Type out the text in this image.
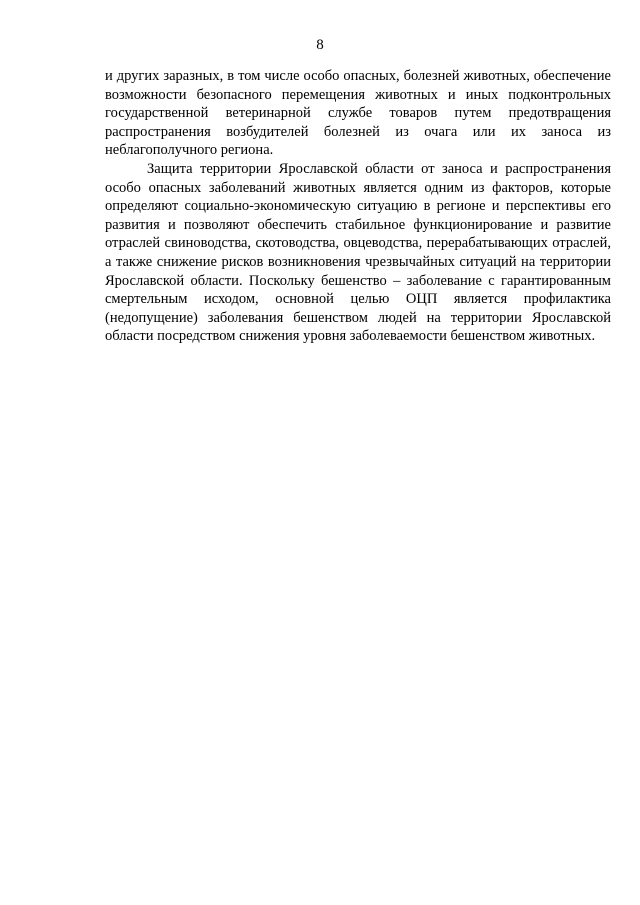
8

и других заразных, в том числе особо опасных, болезней животных, обеспечение возможности безопасного перемещения животных и иных подконтрольных государственной ветеринарной службе товаров путем предотвращения распространения возбудителей болезней из очага или их заноса из неблагополучного региона.

Защита территории Ярославской области от заноса и распространения особо опасных заболеваний животных является одним из факторов, которые определяют социально-экономическую ситуацию в регионе и перспективы его развития и позволяют обеспечить стабильное функционирование и развитие отраслей свиноводства, скотоводства, овцеводства, перерабатывающих отраслей, а также снижение рисков возникновения чрезвычайных ситуаций на территории Ярославской области. Поскольку бешенство – заболевание с гарантированным смертельным исходом, основной целью ОЦП является профилактика (недопущение) заболевания бешенством людей на территории Ярославской области посредством снижения уровня заболеваемости бешенством животных.
